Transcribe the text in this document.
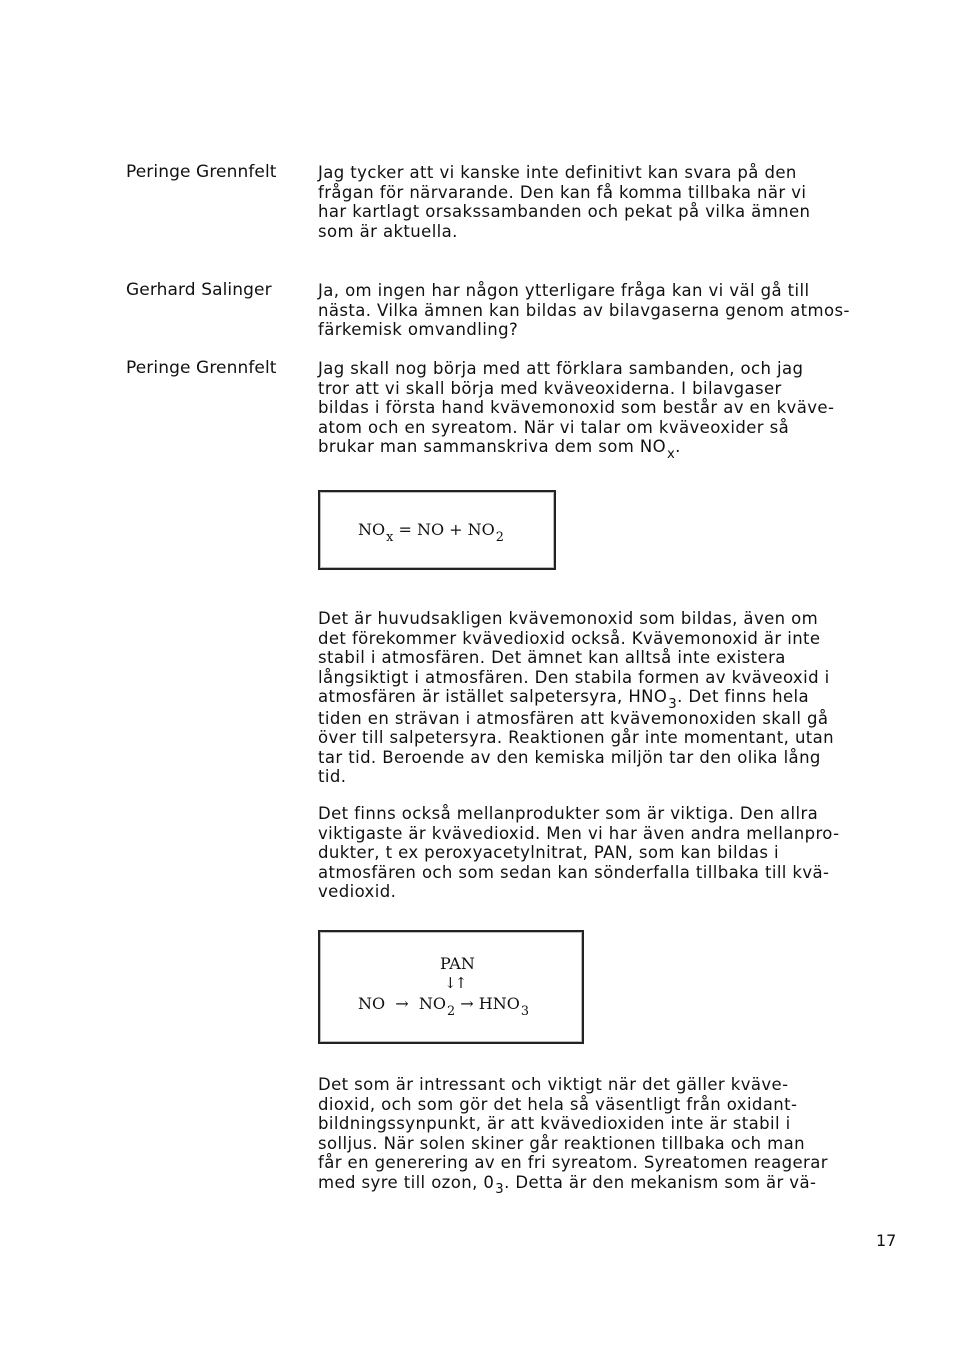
Peringe Grennfelt
Gerhard Salinger
Peringe Grennfelt
Jag tycker att vi kanske inte definitivt kan svara på den
frågan för närvarande. Den kan få komma tillbaka när vi
har kartlagt orsakssambanden och pekat på vilka ämnen
som är aktuella.
Ja, om ingen har någon ytterligare fråga kan vi väl gå till
nästa. Vilka ämnen kan bildas av bilavgaserna genom atmos-
färkemisk omvandling?
Jag skall nog börja med att förklara sambanden, och jag
tror att vi skall börja med kväveoxiderna. I bilavgaser
bildas i första hand kvävemonoxid som består av en kväve-
atom och en syreatom. När vi talar om kväveoxider så
brukar man sammanskriva dem som $NO_x$.
$NO_x$ = NO + $NO_2$
Det är huvudsakligen kvävemonoxid som bildas, även om
det förekommer kvävedioxid också. Kvävemonoxid är inte
stabil i atmosfären. Det ämnet kan alltså inte existera
långsiktigt i atmosfären. Den stabila formen av kväveoxid i
atmosfären är istället salpetersyra, $HNO_3$. Det finns hela
tiden en strävan i atmosfären att kvävemonoxiden skall gå
över till salpetersyra. Reaktionen går inte momentant, utan
tar tid. Beroende av den kemiska miljön tar den olika lång
tid.
Det finns också mellanprodukter som är viktiga. Den allra
viktigaste är kvävedioxid. Men vi har även andra mellanpro-
dukter, t ex peroxyacetylnitrat, PAN, som kan bildas i
atmosfären och som sedan kan sönderfalla tillbaka till kvä-
vedioxid.
PAN
↓↑
NO → $NO_2 \to HNO_3$
Det som är intressant och viktigt när det gäller kväve-
dioxid, och som gör det hela så väsentligt från oxidant-
bildningssynpunkt, är att kvävedioxiden inte är stabil i
solljus. När solen skiner går reaktionen tillbaka och man
får en generering av en fri syreatom. Syreatomen reagerar
med syre till ozon, $0_3$. Detta är den mekanism som är vä-
17
